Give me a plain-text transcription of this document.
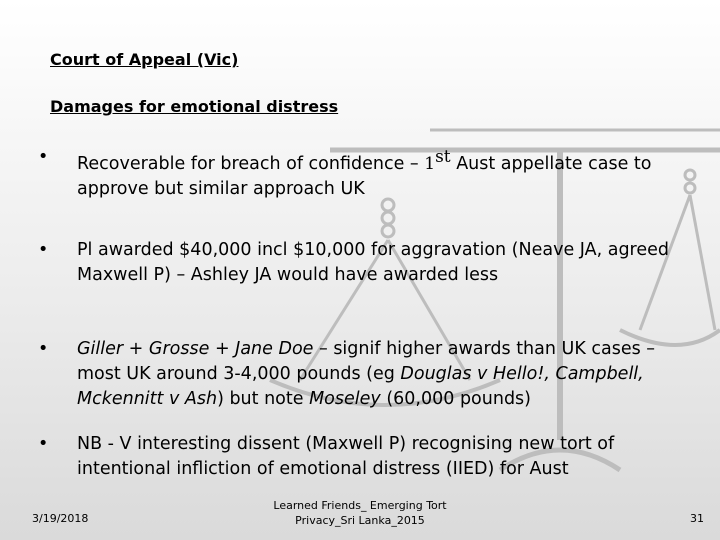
Court of Appeal (Vic)
Damages for emotional distress
• Recoverable for breach of confidence – 1st Aust appellate case to approve but similar approach UK
• Pl awarded $40,000 incl $10,000 for aggravation (Neave JA, agreed Maxwell P) – Ashley JA would have awarded less
• Giller + Grosse + Jane Doe – signif higher awards than UK cases – most UK around 3-4,000 pounds (eg Douglas v Hello!, Campbell, Mckennitt v Ash) but note Moseley (60,000 pounds)
• NB - V interesting dissent (Maxwell P) recognising new tort of intentional infliction of emotional distress (IIED) for Aust
3/19/2018
Learned Friends_ Emerging Tort Privacy_Sri Lanka_2015	31
